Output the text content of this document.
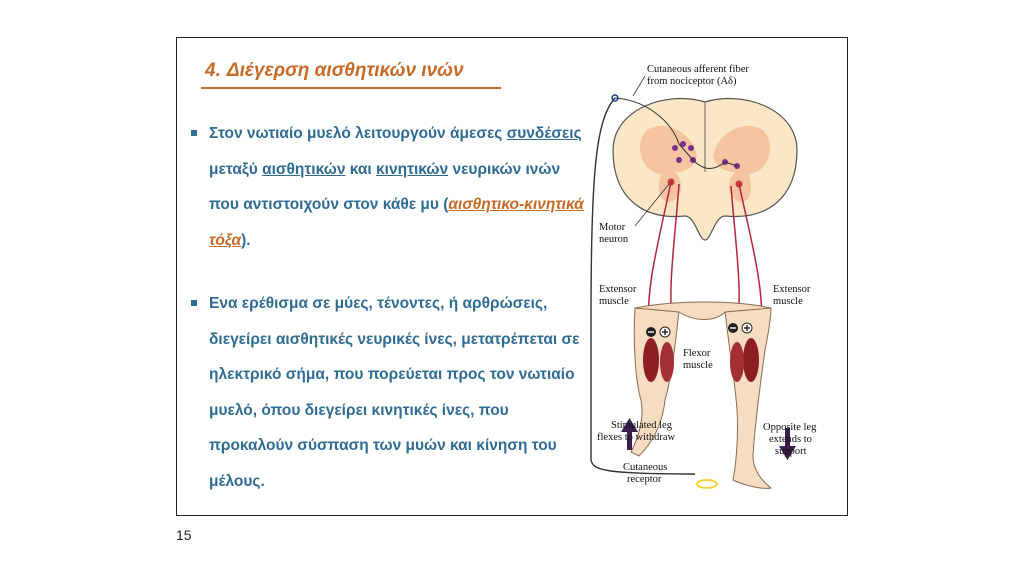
4. Διέγερση αισθητικών ινών
Στον νωτιαίο μυελό λειτουργούν άμεσες συνδέσεις μεταξύ αισθητικών και κινητικών νευρικών ινών που αντιστοιχούν στον κάθε μυ (αισθητικο-κινητικά τόξα).
Ενα ερέθισμα σε μύες, τένοντες, ή αρθρώσεις, διεγείρει αισθητικές νευρικές ίνες, μετατρέπεται σε ηλεκτρικό σήμα, που πορεύεται προς τον νωτιαίο μυελό, όπου διεγείρει κινητικές ίνες, που προκαλούν σύσπαση των μυών και κίνηση του μέλους.
Cutaneous afferent fiber
from nociceptor (Aδ)
Motor
neuron
Extensor
muscle
Extensor
muscle
Flexor
muscle
Stimulated leg
flexes to withdraw
Opposite leg
extends to
support
Cutaneous
receptor
15
